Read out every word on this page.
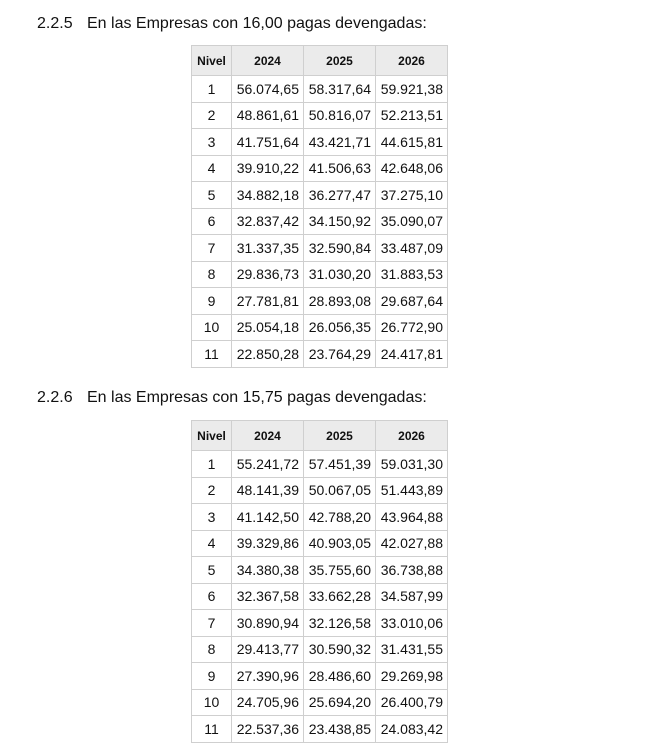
2.2.5 En las Empresas con 16,00 pagas devengadas:
Nivel	2024	2025	2026
1	56.074,65	58.317,64	59.921,38
2	48.861,61	50.816,07	52.213,51
3	41.751,64	43.421,71	44.615,81
4	39.910,22	41.506,63	42.648,06
5	34.882,18	36.277,47	37.275,10
6	32.837,42	34.150,92	35.090,07
7	31.337,35	32.590,84	33.487,09
8	29.836,73	31.030,20	31.883,53
9	27.781,81	28.893,08	29.687,64
10	25.054,18	26.056,35	26.772,90
11	22.850,28	23.764,29	24.417,81
2.2.6 En las Empresas con 15,75 pagas devengadas:
Nivel	2024	2025	2026
1	55.241,72	57.451,39	59.031,30
2	48.141,39	50.067,05	51.443,89
3	41.142,50	42.788,20	43.964,88
4	39.329,86	40.903,05	42.027,88
5	34.380,38	35.755,60	36.738,88
6	32.367,58	33.662,28	34.587,99
7	30.890,94	32.126,58	33.010,06
8	29.413,77	30.590,32	31.431,55
9	27.390,96	28.486,60	29.269,98
10	24.705,96	25.694,20	26.400,79
11	22.537,36	23.438,85	24.083,42
